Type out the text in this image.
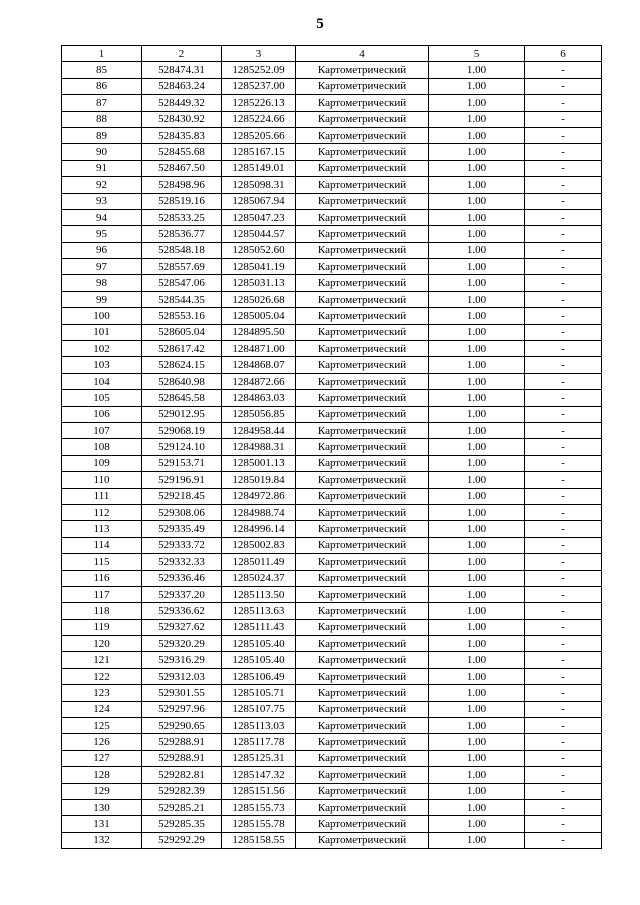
5
1	2	3	4	5	6
85	528474.31	1285252.09	Картометрический	1.00	-
86	528463.24	1285237.00	Картометрический	1.00	-
87	528449.32	1285226.13	Картометрический	1.00	-
88	528430.92	1285224.66	Картометрический	1.00	-
89	528435.83	1285205.66	Картометрический	1.00	-
90	528455.68	1285167.15	Картометрический	1.00	-
91	528467.50	1285149.01	Картометрический	1.00	-
92	528498.96	1285098.31	Картометрический	1.00	-
93	528519.16	1285067.94	Картометрический	1.00	-
94	528533.25	1285047.23	Картометрический	1.00	-
95	528536.77	1285044.57	Картометрический	1.00	-
96	528548.18	1285052.60	Картометрический	1.00	-
97	528557.69	1285041.19	Картометрический	1.00	-
98	528547.06	1285031.13	Картометрический	1.00	-
99	528544.35	1285026.68	Картометрический	1.00	-
100	528553.16	1285005.04	Картометрический	1.00	-
101	528605.04	1284895.50	Картометрический	1.00	-
102	528617.42	1284871.00	Картометрический	1.00	-
103	528624.15	1284868.07	Картометрический	1.00	-
104	528640.98	1284872.66	Картометрический	1.00	-
105	528645.58	1284863.03	Картометрический	1.00	-
106	529012.95	1285056.85	Картометрический	1.00	-
107	529068.19	1284958.44	Картометрический	1.00	-
108	529124.10	1284988.31	Картометрический	1.00	-
109	529153.71	1285001.13	Картометрический	1.00	-
110	529196.91	1285019.84	Картометрический	1.00	-
111	529218.45	1284972.86	Картометрический	1.00	-
112	529308.06	1284988.74	Картометрический	1.00	-
113	529335.49	1284996.14	Картометрический	1.00	-
114	529333.72	1285002.83	Картометрический	1.00	-
115	529332.33	1285011.49	Картометрический	1.00	-
116	529336.46	1285024.37	Картометрический	1.00	-
117	529337.20	1285113.50	Картометрический	1.00	-
118	529336.62	1285113.63	Картометрический	1.00	-
119	529327.62	1285111.43	Картометрический	1.00	-
120	529320.29	1285105.40	Картометрический	1.00	-
121	529316.29	1285105.40	Картометрический	1.00	-
122	529312.03	1285106.49	Картометрический	1.00	-
123	529301.55	1285105.71	Картометрический	1.00	-
124	529297.96	1285107.75	Картометрический	1.00	-
125	529290.65	1285113.03	Картометрический	1.00	-
126	529288.91	1285117.78	Картометрический	1.00	-
127	529288.91	1285125.31	Картометрический	1.00	-
128	529282.81	1285147.32	Картометрический	1.00	-
129	529282.39	1285151.56	Картометрический	1.00	-
130	529285.21	1285155.73	Картометрический	1.00	-
131	529285.35	1285155.78	Картометрический	1.00	-
132	529292.29	1285158.55	Картометрический	1.00	-
